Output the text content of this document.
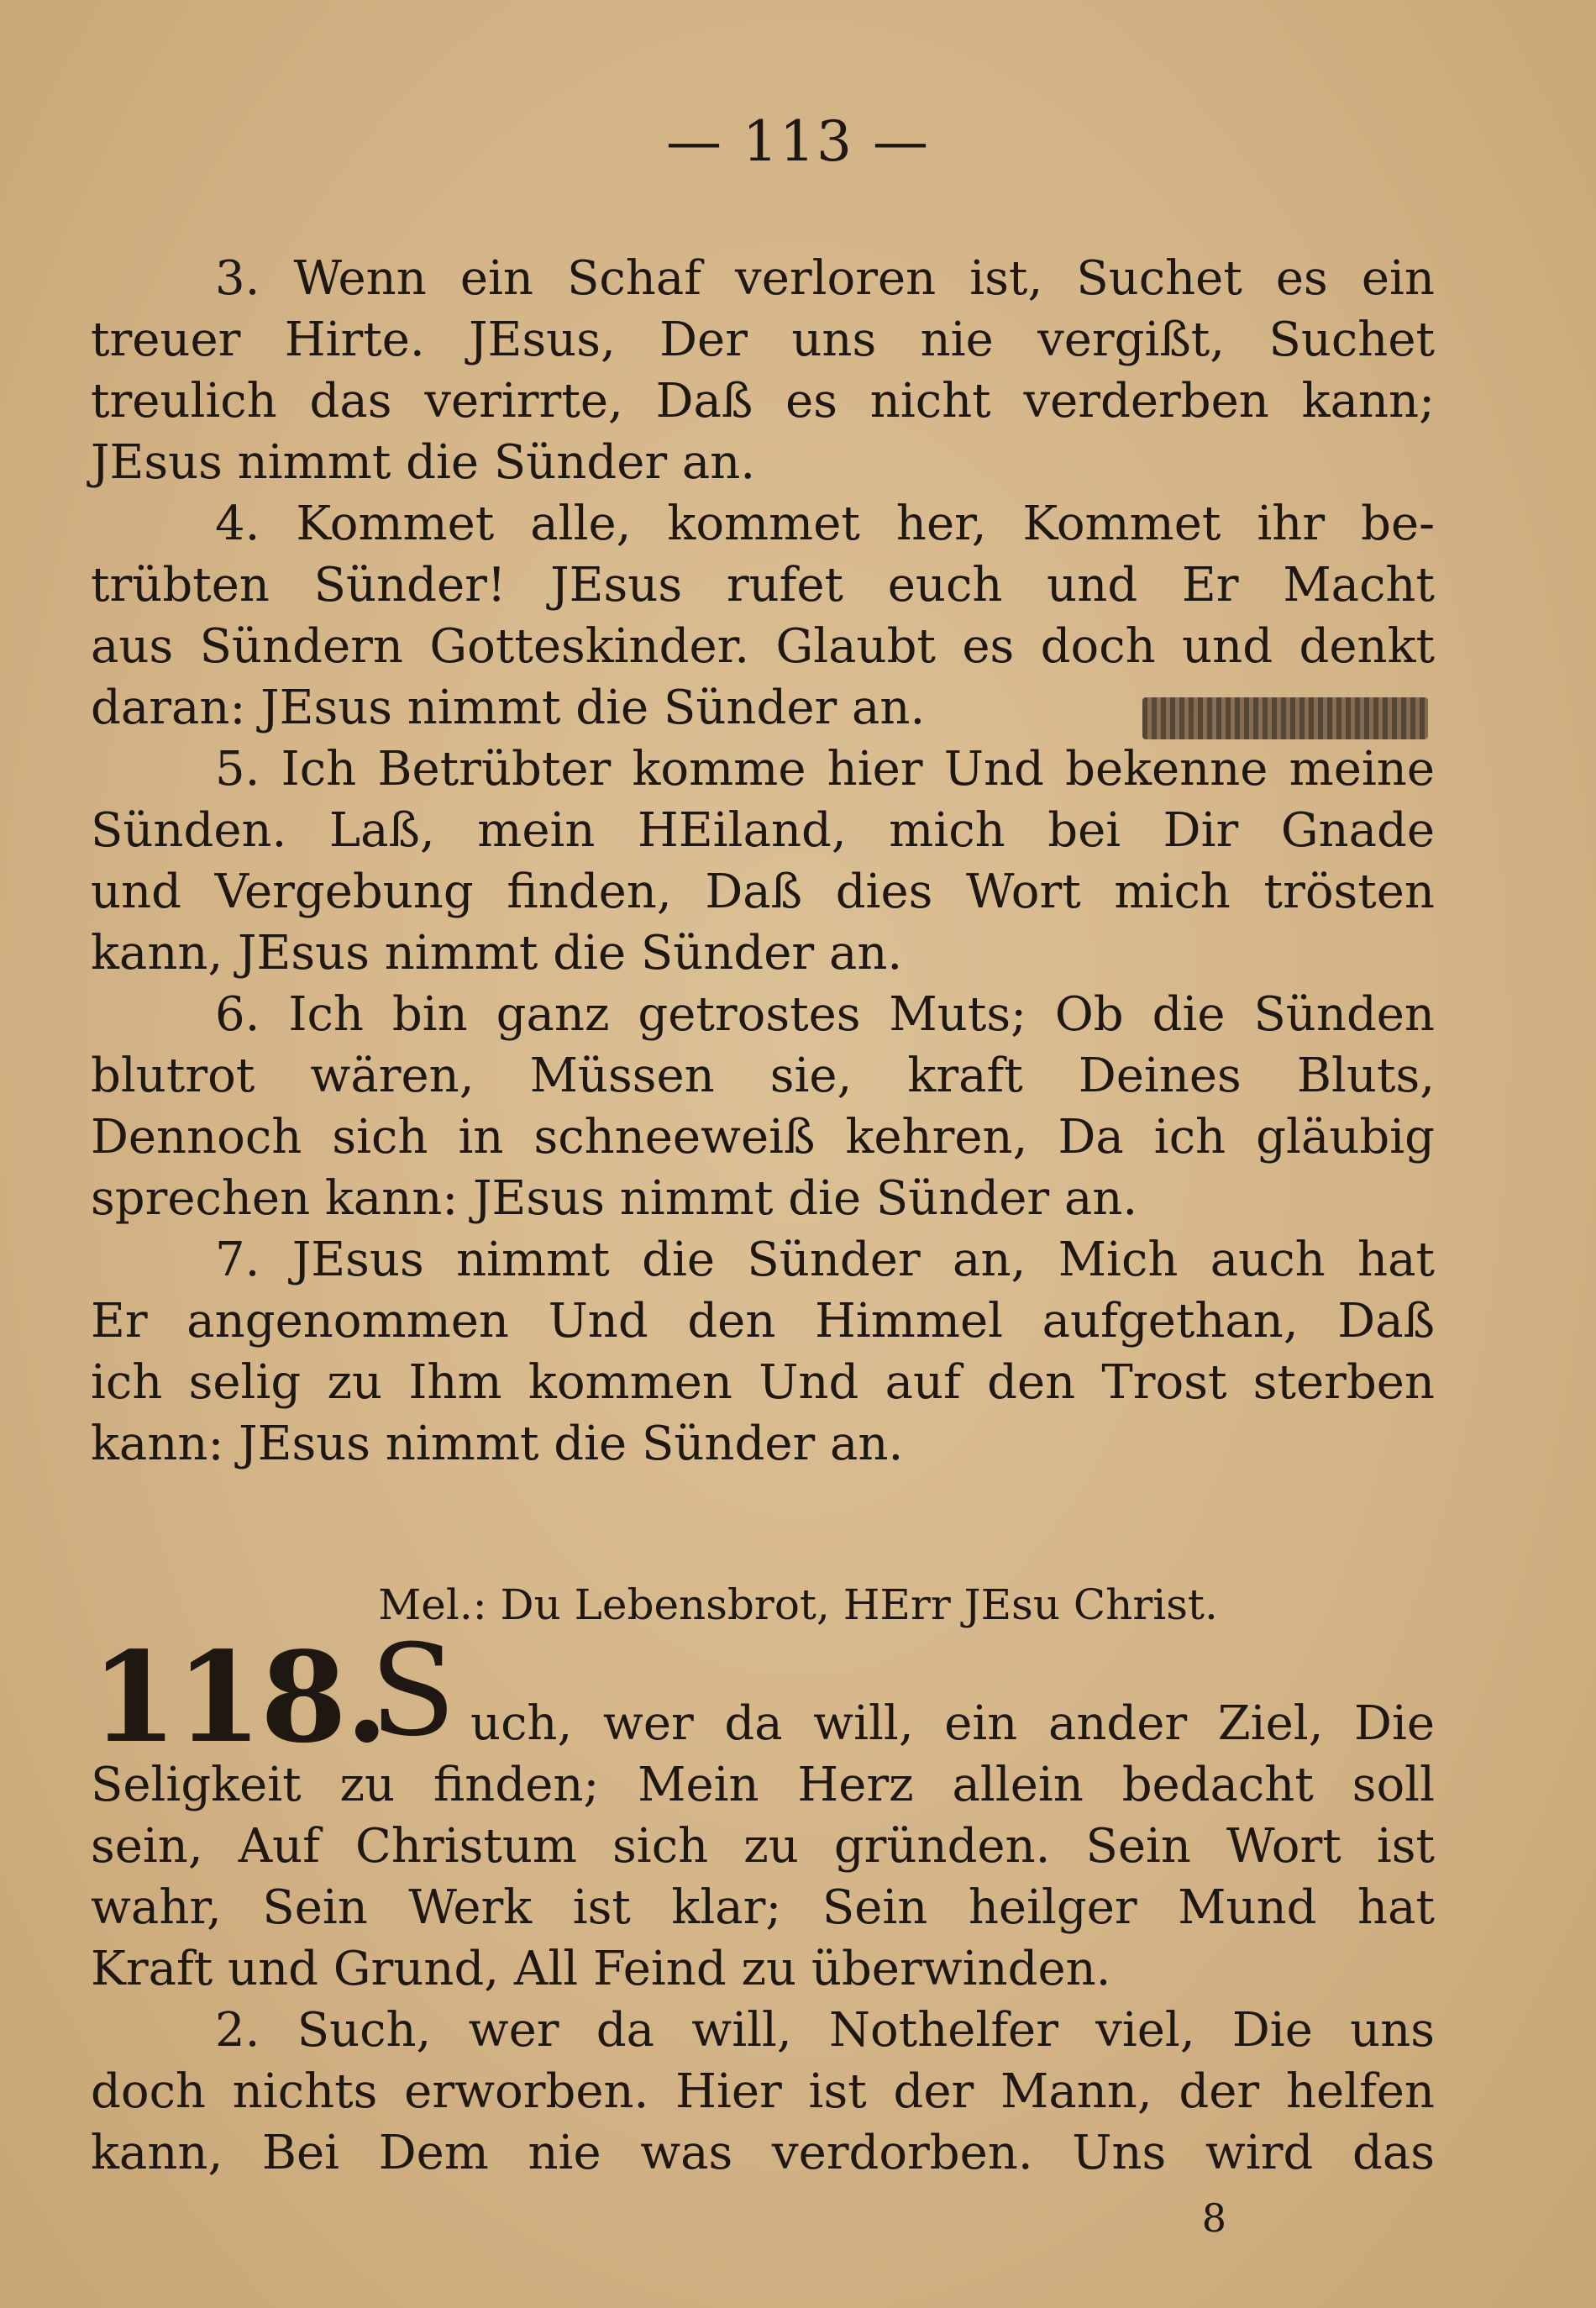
— 113 —
3. Wenn ein Schaf verloren ist, Suchet es ein
treuer Hirte. JEsus, Der uns nie vergißt, Suchet
treulich das verirrte, Daß es nicht verderben kann;
JEsus nimmt die Sünder an.
4. Kommet alle, kommet her, Kommet ihr be-
trübten Sünder! JEsus rufet euch und Er Macht
aus Sündern Gotteskinder. Glaubt es doch und denkt
daran: JEsus nimmt die Sünder an.
5. Ich Betrübter komme hier Und bekenne meine
Sünden. Laß, mein HEiland, mich bei Dir Gnade
und Vergebung finden, Daß dies Wort mich trösten
kann, JEsus nimmt die Sünder an.
6. Ich bin ganz getrostes Muts; Ob die Sünden
blutrot wären, Müssen sie, kraft Deines Bluts,
Dennoch sich in schneeweiß kehren, Da ich gläubig
sprechen kann: JEsus nimmt die Sünder an.
7. JEsus nimmt die Sünder an, Mich auch hat
Er angenommen Und den Himmel aufgethan, Daß
ich selig zu Ihm kommen Und auf den Trost sterben
kann: JEsus nimmt die Sünder an.
Mel.: Du Lebensbrot, HErr JEsu Christ.
118.
S uch, wer da will, ein ander Ziel, Die
Seligkeit zu finden; Mein Herz allein bedacht soll
sein, Auf Christum sich zu gründen. Sein Wort ist
wahr, Sein Werk ist klar; Sein heilger Mund hat
Kraft und Grund, All Feind zu überwinden.
2. Such, wer da will, Nothelfer viel, Die uns
doch nichts erworben. Hier ist der Mann, der helfen
kann, Bei Dem nie was verdorben. Uns wird das
8
